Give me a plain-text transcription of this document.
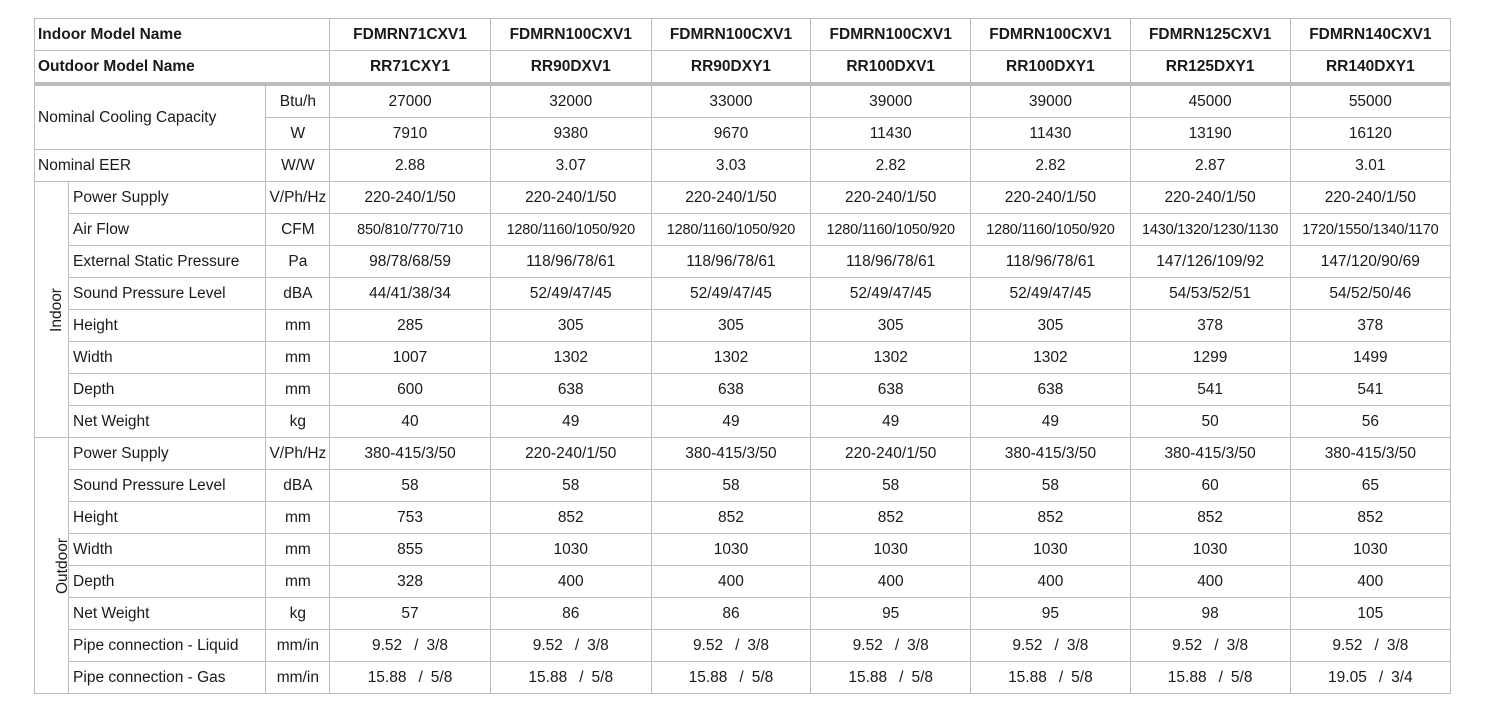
Indoor Model Name			FDMRN71CXV1	FDMRN100CXV1	FDMRN100CXV1	FDMRN100CXV1	FDMRN100CXV1	FDMRN125CXV1	FDMRN140CXV1
Outdoor Model Name			RR71CXY1	RR90DXV1	RR90DXY1	RR100DXV1	RR100DXY1	RR125DXY1	RR140DXY1
Nominal Cooling Capacity		Btu/h	27000	32000	33000	39000	39000	45000	55000
		W	7910	9380	9670	11430	11430	13190	16120
Nominal EER		W/W	2.88	3.07	3.03	2.82	2.82	2.87	3.01
Indoor	Power Supply	V/Ph/Hz	220-240/1/50	220-240/1/50	220-240/1/50	220-240/1/50	220-240/1/50	220-240/1/50	220-240/1/50
	Air Flow	CFM	850/810/770/710	1280/1160/1050/920	1280/1160/1050/920	1280/1160/1050/920	1280/1160/1050/920	1430/1320/1230/1130	1720/1550/1340/1170
	External Static Pressure	Pa	98/78/68/59	118/96/78/61	118/96/78/61	118/96/78/61	118/96/78/61	147/126/109/92	147/120/90/69
	Sound Pressure Level	dBA	44/41/38/34	52/49/47/45	52/49/47/45	52/49/47/45	52/49/47/45	54/53/52/51	54/52/50/46
	Height	mm	285	305	305	305	305	378	378
	Width	mm	1007	1302	1302	1302	1302	1299	1499
	Depth	mm	600	638	638	638	638	541	541
	Net Weight	kg	40	49	49	49	49	50	56
Outdoor	Power Supply	V/Ph/Hz	380-415/3/50	220-240/1/50	380-415/3/50	220-240/1/50	380-415/3/50	380-415/3/50	380-415/3/50
	Sound Pressure Level	dBA	58	58	58	58	58	60	65
	Height	mm	753	852	852	852	852	852	852
	Width	mm	855	1030	1030	1030	1030	1030	1030
	Depth	mm	328	400	400	400	400	400	400
	Net Weight	kg	57	86	86	95	95	98	105
	Pipe connection - Liquid	mm/in	9.52 / 3/8	9.52 / 3/8	9.52 / 3/8	9.52 / 3/8	9.52 / 3/8	9.52 / 3/8	9.52 / 3/8
	Pipe connection - Gas	mm/in	15.88 / 5/8	15.88 / 5/8	15.88 / 5/8	15.88 / 5/8	15.88 / 5/8	15.88 / 5/8	19.05 / 3/4
